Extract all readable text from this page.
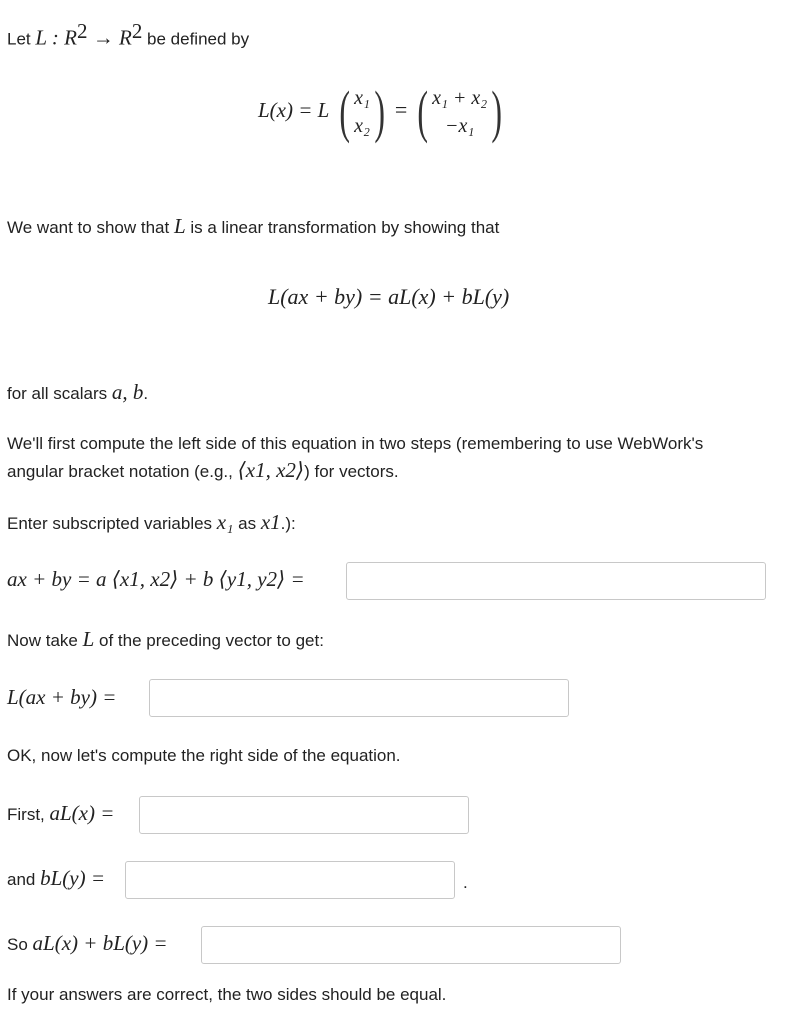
Let L : $R^2 \to R^2$ be defined by
L(x) = L ( x₁
x₂ ) = ( x₁ + x₂
−x₁ )
We want to show that L is a linear transformation by showing that
L(ax + by) = aL(x) + bL(y)
for all scalars a, b.
We'll first compute the left side of this equation in two steps (remembering to use WebWork's
angular bracket notation (e.g., ⟨x1, x2⟩) for vectors.
Enter subscripted variables x₁ as x1.):
ax + by = a ⟨x1, x2⟩ + b ⟨y1, y2⟩ =
Now take L of the preceding vector to get:
L(ax + by) =
OK, now let's compute the right side of the equation.
First, aL(x) =
and bL(y) =	.
So aL(x) + bL(y) =
If your answers are correct, the two sides should be equal.
